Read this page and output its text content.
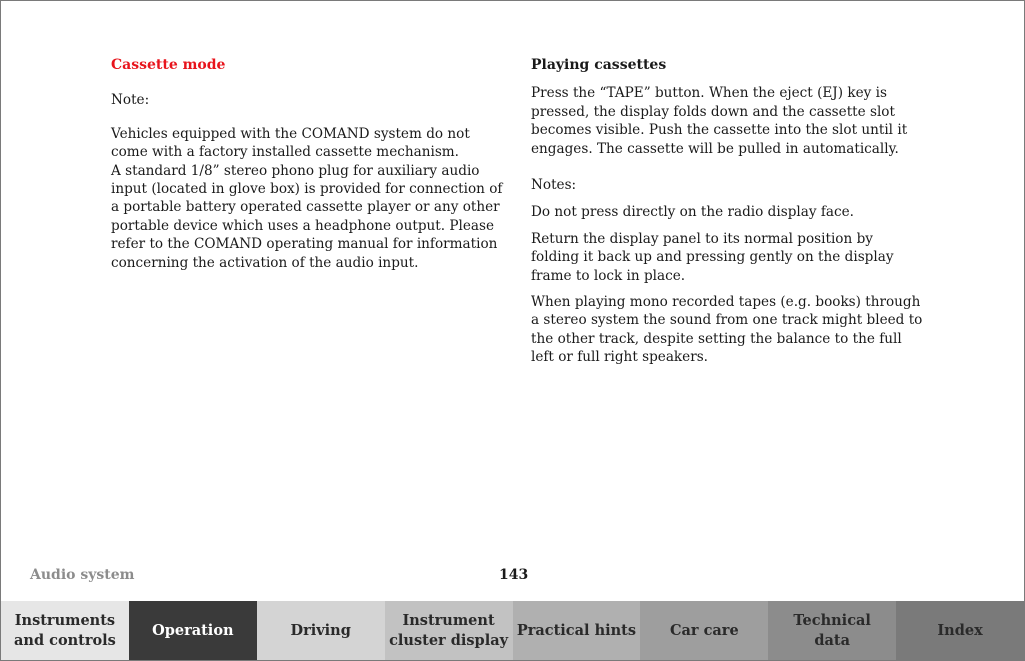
Cassette mode
Note:
Vehicles equipped with the COMAND system do not
come with a factory installed cassette mechanism.
A standard 1/8” stereo phono plug for auxiliary audio
input (located in glove box) is provided for connection of
a portable battery operated cassette player or any other
portable device which uses a headphone output. Please
refer to the COMAND operating manual for information
concerning the activation of the audio input.
Playing cassettes
Press the “TAPE” button. When the eject (EJ) key is
pressed, the display folds down and the cassette slot
becomes visible. Push the cassette into the slot until it
engages. The cassette will be pulled in automatically.
Notes:
Do not press directly on the radio display face.
Return the display panel to its normal position by
folding it back up and pressing gently on the display
frame to lock in place.
When playing mono recorded tapes (e.g. books) through
a stereo system the sound from one track might bleed to
the other track, despite setting the balance to the full
left or full right speakers.
Audio system	143
Instruments
and controls
Operation	Driving
Instrument
cluster display
Practical hints	Car care
Technical
data
Index
